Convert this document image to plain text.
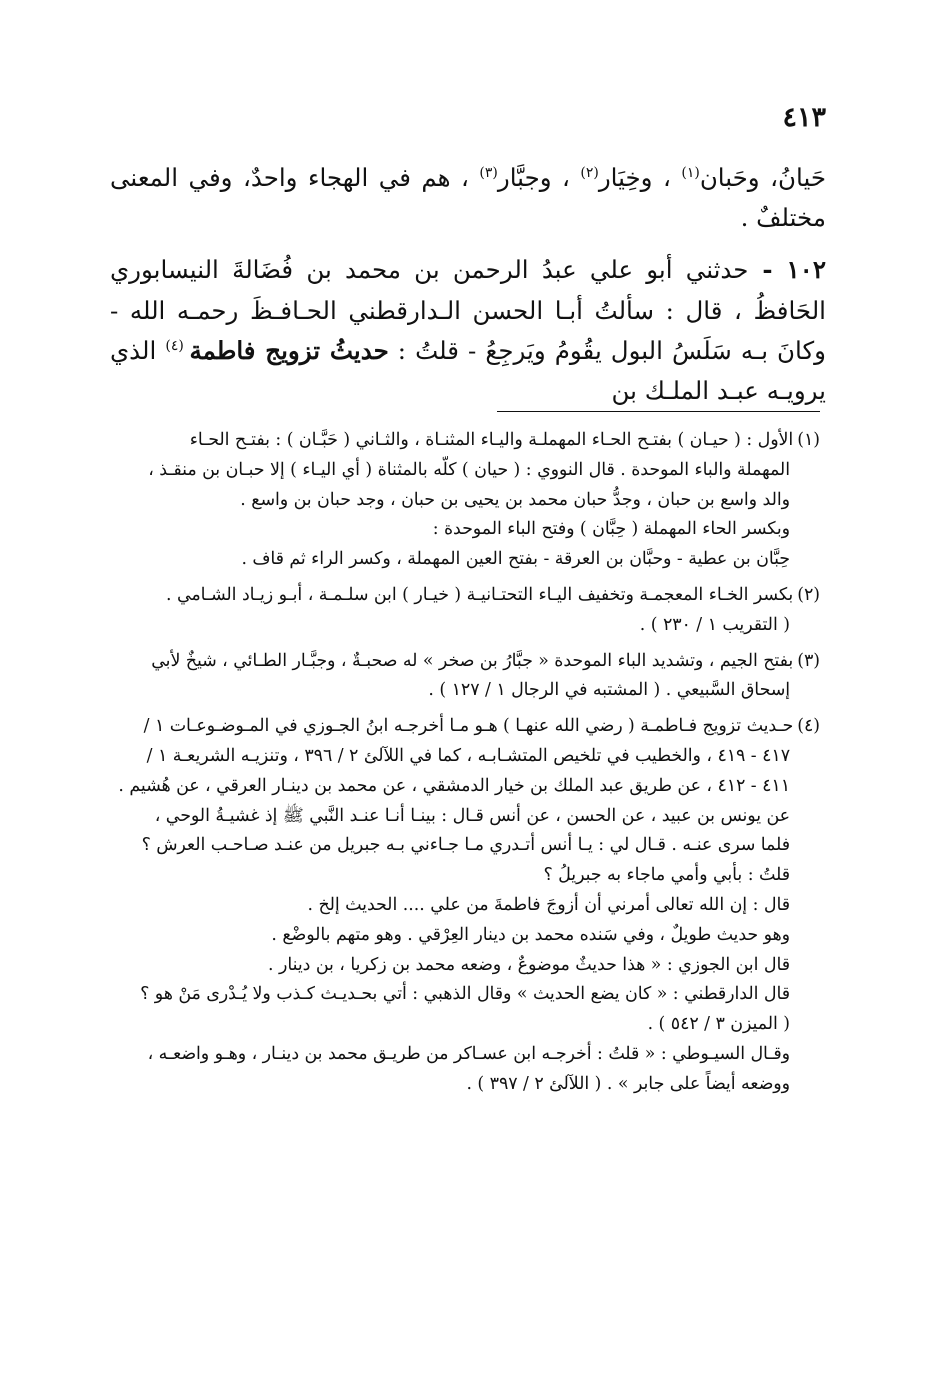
٤١٣

حَيانُ، وحَبان$^{(١)}$ ، وخِيَار$^{(٢)}$ ، وجبَّار$^{(٣)}$ ، هم في الهجاء واحدٌ، وفي المعنى مختلفٌ .

١٠٢ - حدثني أبو علي عبدُ الرحمن بن محمد بن فُضَالةَ النيسابوري الحَافظُ ، قال : سألتُ أبـا الحسن الـدارقطني الحـافـظَ رحمـه الله - وكانَ بـه سَلَسُ البول يقُومُ ويَرجِعُ - قلتُ : حديثُ تزويج فاطمة $^{(٤)}$ الذي يرويـه عبـد الملـك بن

(١)الأول : ( حيـان ) بفتـح الحـاء المهملـة واليـاء المثنـاة ، والثـاني ( حَبَّـان ) : بفتـح الحـاء
المهملة والباء الموحدة . قال النووي : ( حيان ) كلُّه بالمثناة ( أي اليـاء ) إلا حبـان بن منقـذ ،
والد واسع بن حبان ، وجدُّ حبان محمد بن يحيى بن حبان ، وجد حبان بن واسع .
وبكسر الحاء المهملة ( حِبَّان ) وفتح الباء الموحدة :
حِبَّان بن عطية - وحبَّان بن العرقة - بفتح العين المهملة ، وكسر الراء ثم قاف .
(٢)بكسر الخـاء المعجمـة وتخفيف اليـاء التحتـانيـة ( خيـار ) ابن سلـمـة ، أبـو زيـاد الشـامي .
( التقريب ١ / ٢٣٠ ) .
(٣)بفتح الجيم ، وتشديد الباء الموحدة « جبَّارُ بن صخر » له صحبـةٌ ، وجبَّـار الطـائي ، شيخٌ لأبي
إسحاق السَّبيعي . ( المشتبه في الرجال ١ / ١٢٧ ) .
(٤)حـديث تزويج فـاطمـة ( رضي الله عنهـا ) هـو مـا أخرجـه ابنُ الجـوزي في المـوضـوعـات ١ /
٤١٧ - ٤١٩ ، والخطيب في تلخيص المتشـابـه ، كما في اللآلئ ٢ / ٣٩٦ ، وتنزيـه الشريعـة ١ /
٤١١ - ٤١٢ ، عن طريق عبد الملك بن خيار الدمشقي ، عن محمد بن دينـار العرقي ، عن هُشيم .
عن يونس بن عبيد ، عن الحسن ، عن أنس قـال : بينـا أنـا عنـد النَّبي ﷺ إذ غشيـةُ الوحي ،
فلما سرى عنـه . قـال لي : يـا أنس أتـدري مـا جـاءني بـه جبريل من عنـد صـاحـب العرش ؟
قلتُ : بأبي وأمي ماجاء به جبريلُ ؟
قال : إن الله تعالى أمرني أن أزوجَ فاطمةَ من علي .... الحديث إلخ .
وهو حديث طويلٌ ، وفي سَنده محمد بن دينار العِرْقي . وهو متهم بالوضْع .
قال ابن الجوزي : « هذا حديثٌ موضوعٌ ، وضعه محمد بن زكريا ، بن دينار .
قال الدارقطني : « كان يضع الحديث » وقال الذهبي : أتي بحـديـث كـذب ولا يُـدْرى مَنْ هو ؟
( الميزن ٣ / ٥٤٢ ) .
وقـال السيـوطي : « قلتُ : أخرجـه ابن عسـاكر من طريـق محمد بن دينـار ، وهـو واضعـه ،
ووضعه أيضاً على جابر » . ( اللآلئ ٢ / ٣٩٧ ) .
